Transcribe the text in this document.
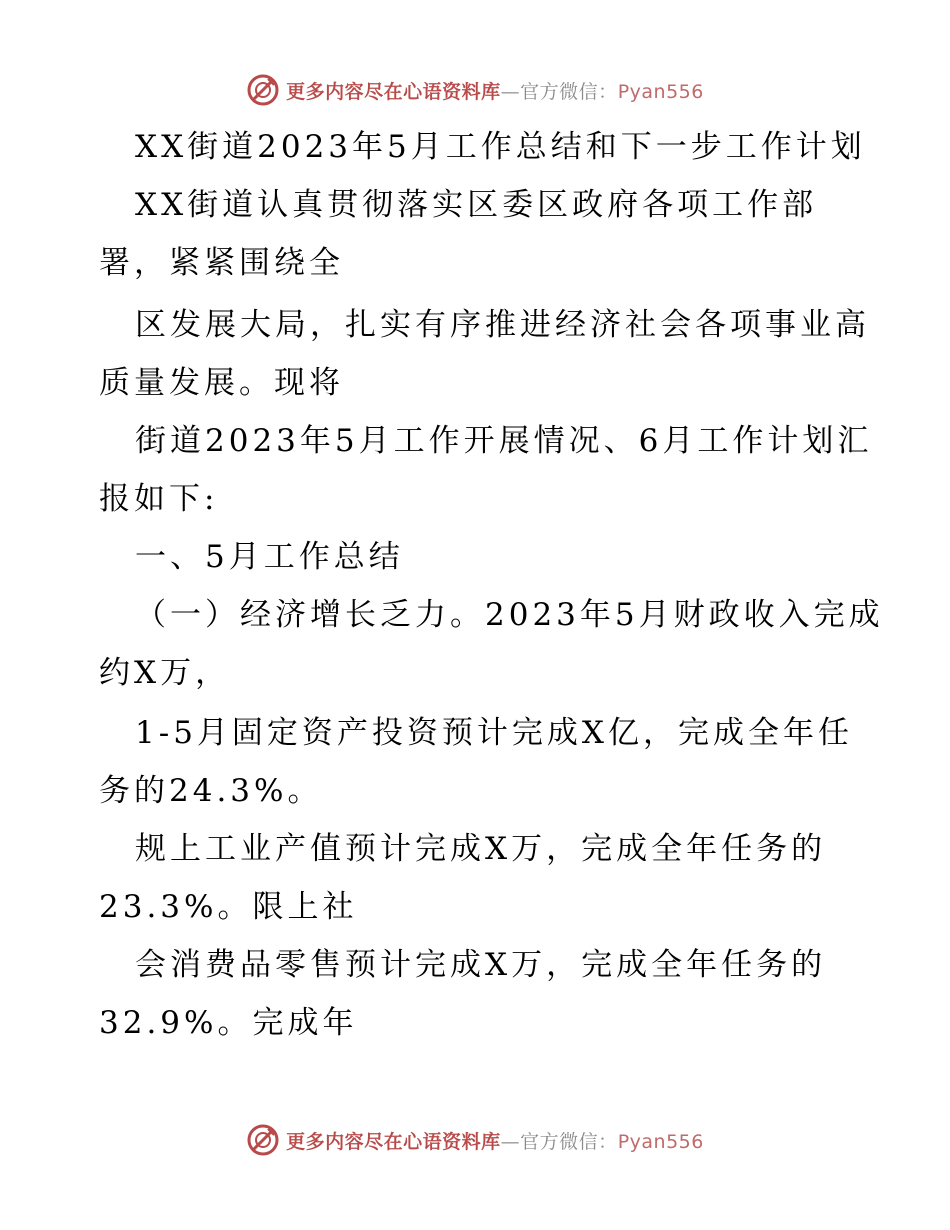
更多内容尽在心语资料库—官方微信：Pyan556
XX街道2023年5月工作总结和下一步工作计划
XX街道认真贯彻落实区委区政府各项工作部
署，紧紧围绕全
区发展大局，扎实有序推进经济社会各项事业高
质量发展。现将
街道2023年5月工作开展情况、6月工作计划汇
报如下:
一、5月工作总结
（一）经济增长乏力。2023年5月财政收入完成
约X万，
1-5月固定资产投资预计完成X亿，完成全年任
务的24.3%。
规上工业产值预计完成X万，完成全年任务的
23.3%。限上社
会消费品零售预计完成X万，完成全年任务的
32.9%。完成年
更多内容尽在心语资料库—官方微信：Pyan556
